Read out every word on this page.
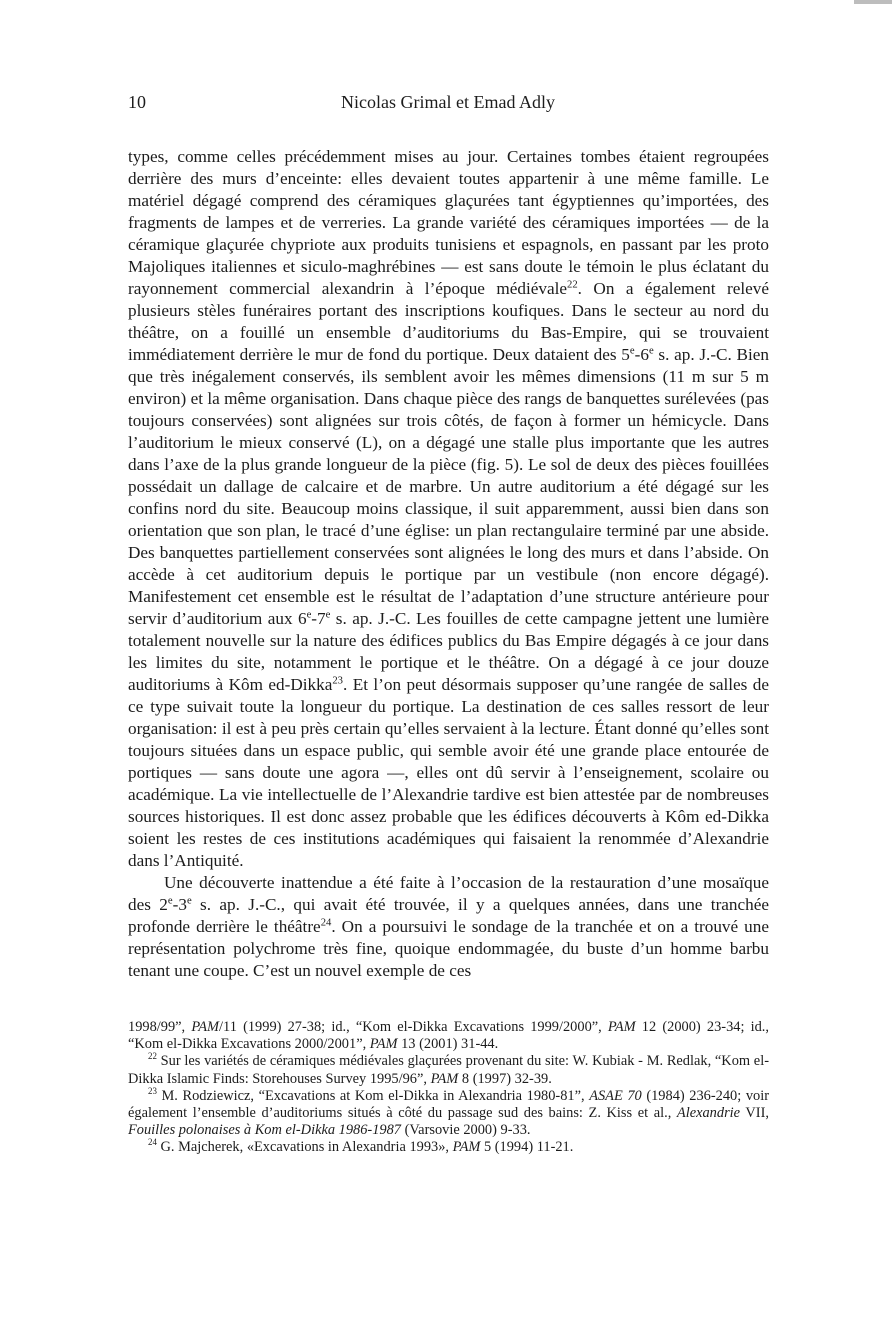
10	Nicolas Grimal et Emad Adly

types, comme celles précédemment mises au jour. Certaines tombes étaient regroupées derrière des murs d’enceinte: elles devaient toutes appartenir à une même famille. Le matériel dégagé comprend des céramiques glaçurées tant égyptiennes qu’importées, des fragments de lampes et de verreries. La grande variété des céramiques importées — de la céramique glaçurée chypriote aux produits tunisiens et espagnols, en passant par les proto Majoliques italiennes et siculo-maghrébines — est sans doute le témoin le plus éclatant du rayonnement commercial alexandrin à l’époque médiévale$^{22}$. On a également relevé plusieurs stèles funéraires portant des inscriptions koufiques. Dans le secteur au nord du théâtre, on a fouillé un ensemble d’auditoriums du Bas-Empire, qui se trouvaient immédiatement derrière le mur de fond du portique. Deux dataient des 5e-6e s. ap. J.-C. Bien que très inégalement conservés, ils semblent avoir les mêmes dimensions (11 m sur 5 m environ) et la même organisation. Dans chaque pièce des rangs de banquettes surélevées (pas toujours conservées) sont alignées sur trois côtés, de façon à former un hémicycle. Dans l’auditorium le mieux conservé (L), on a dégagé une stalle plus importante que les autres dans l’axe de la plus grande longueur de la pièce (fig. 5). Le sol de deux des pièces fouillées possédait un dallage de calcaire et de marbre. Un autre auditorium a été dégagé sur les confins nord du site. Beaucoup moins classique, il suit apparemment, aussi bien dans son orientation que son plan, le tracé d’une église: un plan rectangulaire terminé par une abside. Des banquettes partiellement conservées sont alignées le long des murs et dans l’abside. On accède à cet auditorium depuis le portique par un vestibule (non encore dégagé). Manifestement cet ensemble est le résultat de l’adaptation d’une structure antérieure pour servir d’auditorium aux 6e-7e s. ap. J.-C. Les fouilles de cette campagne jettent une lumière totalement nouvelle sur la nature des édifices publics du Bas Empire dégagés à ce jour dans les limites du site, notamment le portique et le théâtre. On a dégagé à ce jour douze auditoriums à Kôm ed-Dikka$^{23}$. Et l’on peut désormais supposer qu’une rangée de salles de ce type suivait toute la longueur du portique. La destination de ces salles ressort de leur organisation: il est à peu près certain qu’elles servaient à la lecture. Étant donné qu’elles sont toujours situées dans un espace public, qui semble avoir été une grande place entourée de portiques — sans doute une agora —, elles ont dû servir à l’enseignement, scolaire ou académique. La vie intellectuelle de l’Alexandrie tardive est bien attestée par de nombreuses sources historiques. Il est donc assez probable que les édifices découverts à Kôm ed-Dikka soient les restes de ces institutions académiques qui faisaient la renommée d’Alexandrie dans l’Antiquité.

Une découverte inattendue a été faite à l’occasion de la restauration d’une mosaïque des 2e-3e s. ap. J.-C., qui avait été trouvée, il y a quelques années, dans une tranchée profonde derrière le théâtre$^{24}$. On a poursuivi le sondage de la tranchée et on a trouvé une représentation polychrome très fine, quoique endommagée, du buste d’un homme barbu tenant une coupe. C’est un nouvel exemple de ces

1998/99”, PAM/11 (1999) 27-38; id., “Kom el-Dikka Excavations 1999/2000”, PAM 12 (2000) 23-34; id., “Kom el-Dikka Excavations 2000/2001”, PAM 13 (2001) 31-44.

$^{22}$ Sur les variétés de céramiques médiévales glaçurées provenant du site: W. Kubiak - M. Redlak, “Kom el-Dikka Islamic Finds: Storehouses Survey 1995/96”, PAM 8 (1997) 32-39.

$^{23}$ M. Rodziewicz, “Excavations at Kom el-Dikka in Alexandria 1980-81”, ASAE 70 (1984) 236-240; voir également l’ensemble d’auditoriums situés à côté du passage sud des bains: Z. Kiss et al., Alexandrie VII, Fouilles polonaises à Kom el-Dikka 1986-1987 (Varsovie 2000) 9-33.

$^{24}$ G. Majcherek, «Excavations in Alexandria 1993», PAM 5 (1994) 11-21.
